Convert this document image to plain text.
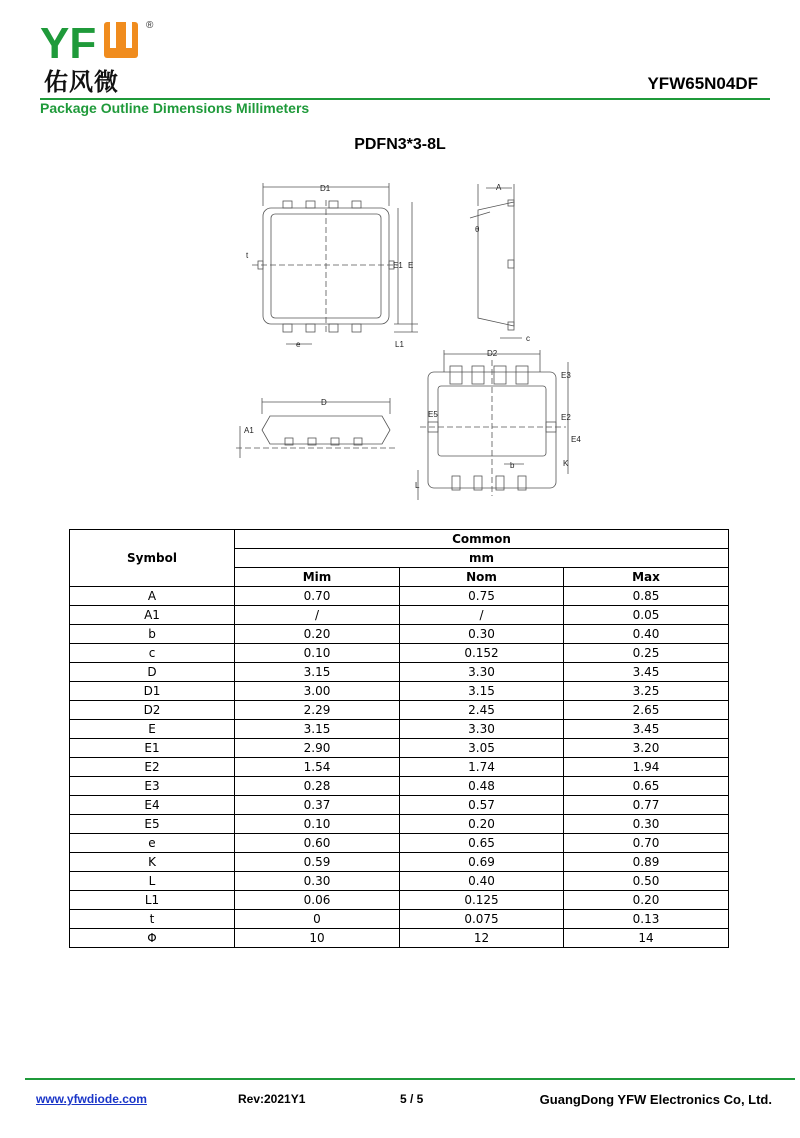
YF	®
佑风微	YFW65N04DF
Package Outline Dimensions Millimeters
PDFN3*3-8L
D1
E1 E
t
e	L1
A
θ
c
D2
E3
E2
E4
E5
K
b
L
D
A1
Symbol	Common		
	mm		
	Mim	Nom	Max
A	0.70	0.75	0.85
A1	/	/	0.05
b	0.20	0.30	0.40
c	0.10	0.152	0.25
D	3.15	3.30	3.45
D1	3.00	3.15	3.25
D2	2.29	2.45	2.65
E	3.15	3.30	3.45
E1	2.90	3.05	3.20
E2	1.54	1.74	1.94
E3	0.28	0.48	0.65
E4	0.37	0.57	0.77
E5	0.10	0.20	0.30
e	0.60	0.65	0.70
K	0.59	0.69	0.89
L	0.30	0.40	0.50
L1	0.06	0.125	0.20
t	0	0.075	0.13
Φ	10	12	14
www.yfwdiode.com	Rev:2021Y1	5 / 5	GuangDong YFW Electronics Co, Ltd.
